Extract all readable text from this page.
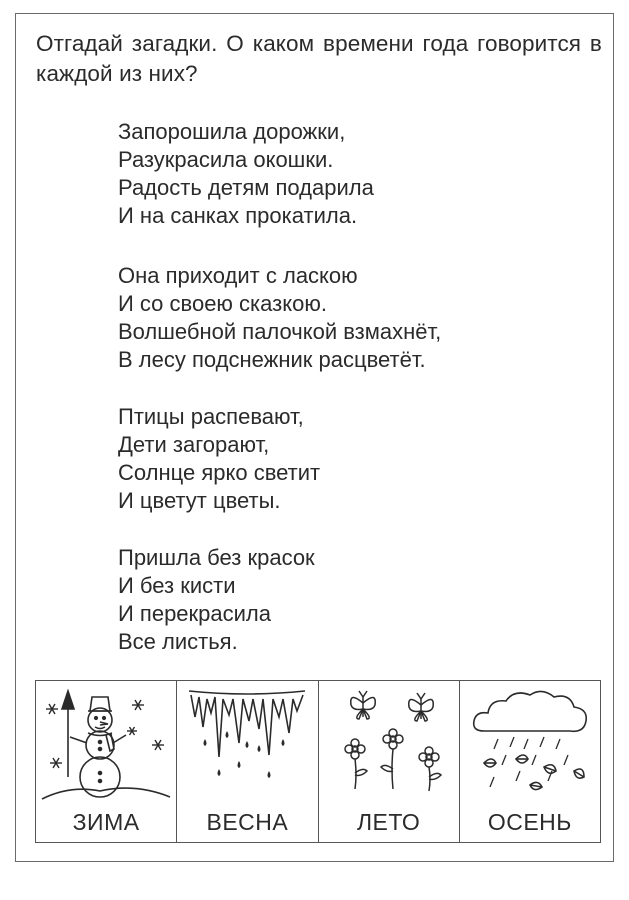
Отгадай загадки. О каком времени года говорится в каждой из них?
Запорошила дорожки,
Разукрасила окошки.
Радость детям подарила
И на санках прокатила.
Она приходит с ласкою
И со своею сказкою.
Волшебной палочкой взмахнёт,
В лесу подснежник расцветёт.
Птицы распевают,
Дети загорают,
Солнце ярко светит
И цветут цветы.
Пришла без красок
И без кисти
И перекрасила
Все листья.
ЗИМА	ВЕСНА	ЛЕТО	ОСЕНЬ
